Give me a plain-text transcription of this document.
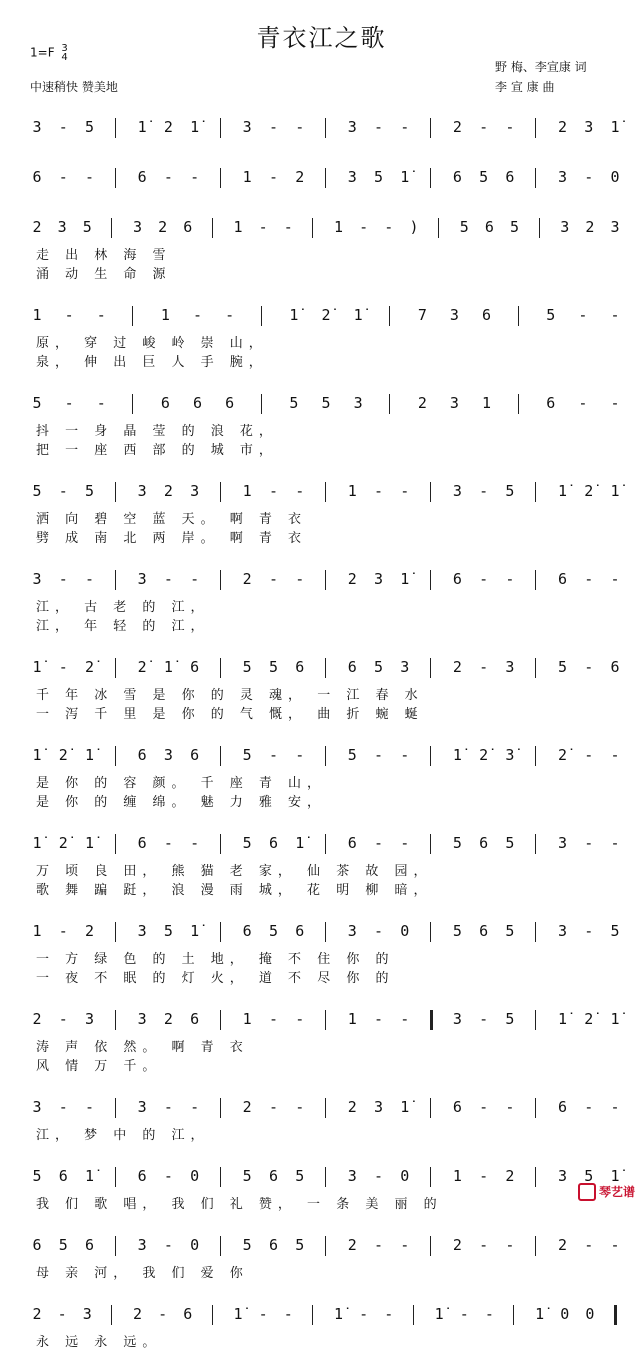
青衣江之歌
1=F 3
4
中速稍快 赞美地
野 梅、李宣康 词
李 宣 康 曲
3 - 5	1̇ 2 1̇	3 - -	3 - -	2 - -	2 3 1̇
6 - -	6 - -	1 - 2	3 5 1̇	6 5 6	3 - 0
2 3 5	3 2 6	1 - -	1 - - )	5 6 5	3 2 3
走 出 林 海 雪
涌 动 生 命 源
1 - -	1 - -	1̇ 2̇ 1̇	7 3 6	5 - -
原， 穿 过 峻 岭 崇 山，
泉， 伸 出 巨 人 手 腕，
5 - -	6 6 6	5 5 3	2 3 1	6 - -
抖 一 身 晶 莹 的 浪 花，
把 一 座 西 部 的 城 市，
5 - 5	3 2 3	1 - -	1 - -	3 - 5	1̇ 2̇ 1̇
洒 向 碧 空 蓝 天。 啊 青 衣
劈 成 南 北 两 岸。 啊 青 衣
3 - -	3 - -	2 - -	2 3 1̇	6 - -	6 - -
江， 古 老 的 江，
江， 年 轻 的 江，
1̇ - 2̇	2̇ 1̇ 6	5 5 6	6 5 3	2 - 3	5 - 6
千 年 冰 雪 是 你 的 灵 魂， 一 江 春 水
一 泻 千 里 是 你 的 气 慨， 曲 折 蜿 蜒
1̇ 2̇ 1̇	6 3 6	5 - -	5 - -	1̇ 2̇ 3̇	2̇ - -
是 你 的 容 颜。 千 座 青 山，
是 你 的 缠 绵。 魅 力 雅 安，
1̇ 2̇ 1̇	6 - -	5 6 1̇	6 - -	5 6 5	3 - -
万 顷 良 田， 熊 猫 老 家， 仙 茶 故 园，
歌 舞 蹁 跹， 浪 漫 雨 城， 花 明 柳 暗，
1 - 2	3 5 1̇	6 5 6	3 - 0	5 6 5	3 - 5
一 方 绿 色 的 土 地， 掩 不 住 你 的
一 夜 不 眠 的 灯 火， 道 不 尽 你 的
2 - 3	3 2 6	1 - -	1 - -	3 - 5	1̇ 2̇ 1̇
涛 声 依 然。 啊 青 衣
风 情 万 千。
3 - -	3 - -	2 - -	2 3 1̇	6 - -	6 - -
江， 梦 中 的 江，
5 6 1̇	6 - 0	5 6 5	3 - 0	1 - 2	3 5 1̇
我 们 歌 唱， 我 们 礼 赞， 一 条 美 丽 的
6 5 6	3 - 0	5 6 5	2 - -	2 - -	2 - -
母 亲 河， 我 们 爱 你
2 - 3	2 - 6	1̇ - -	1̇ - -	1̇ - -	1̇ 0 0
永 远 永 远。
琴艺谱
